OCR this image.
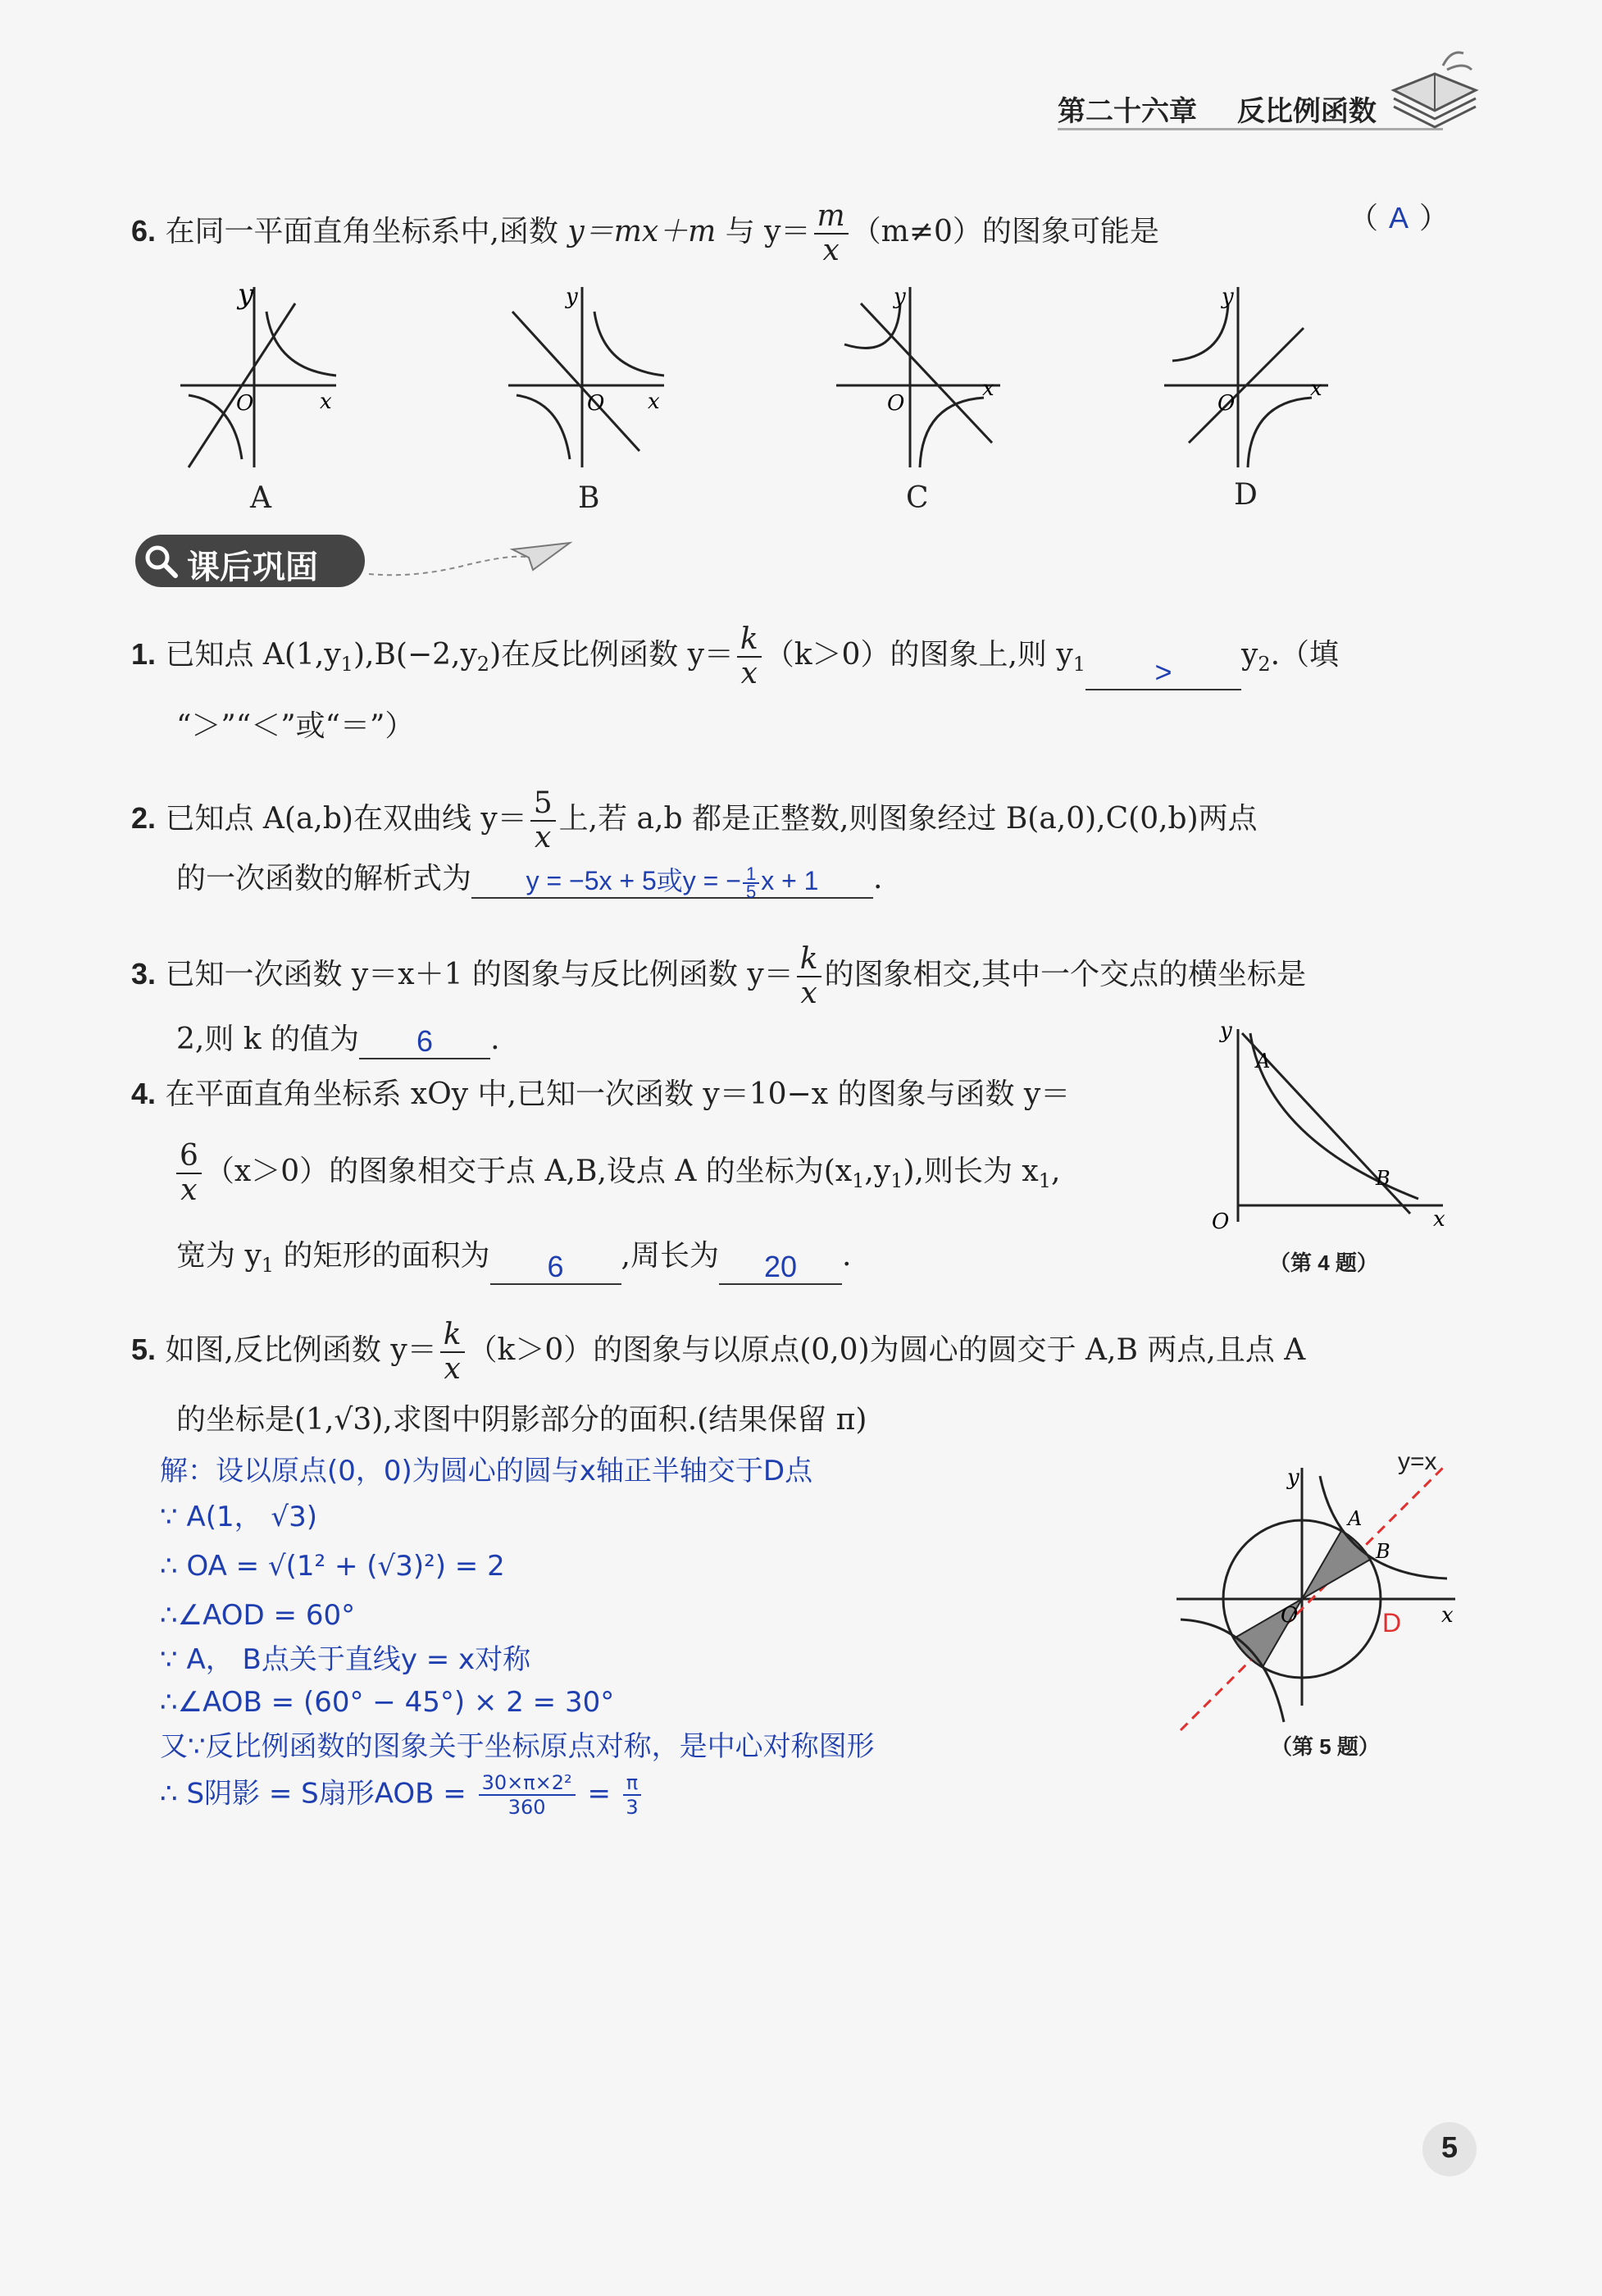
第二十六章 反比例函数
6. 在同一平面直角坐标系中,函数 y＝mx＋m 与 $y= \frac{m}{x} (m\ne 0)$的图象可能是	（ A ）
y
x
O
y
x
O
y
x
O
y
x
O
A	B	C	D
课后巩固
1. 已知点 $A(1,y_1),B(-2,y_2)$在反比例函数 $y= \frac{k}{x} (k>0)$的图象上,则 $y_1 >y_2$.（填
“＞”“＜”或“＝”）
2. 已知点 A(a,b)在双曲线 $y= \frac{5}{x}$ 上,若 a,b 都是正整数,则图象经过 B(a,0),C(0,b)两点
的一次函数的解析式为 y = −5x + 5或y = − $\frac{1}{5}$ x + 1 .
3. 已知一次函数 y＝x＋1 的图象与反比例函数 $y= \frac{k}{x}$ 的图象相交,其中一个交点的横坐标是
2,则 k 的值为 6 .
4. 在平面直角坐标系 xOy 中,已知一次函数 y＝10−x 的图象与函数 y＝
$\frac{6}{x} (x>0)$的图象相交于点 A,B,设点 A 的坐标为$(x_1,y_1)$,则长为 $x_1$,
宽为 $y_1$ 的矩形的面积为 6 ,周长为 20 .
y
x
O
A
B
（第 4 题）
5. 如图,反比例函数 $y= \frac{k}{x} (k>0)$的图象与以原点(0,0)为圆心的圆交于 A,B 两点,且点 A
的坐标是(1,√3),求图中阴影部分的面积.(结果保留 π)
解：设以原点(0，0)为圆心的圆与x轴正半轴交于D点
∵ A(1， √3)
∴ OA = √(1² + (√3)²) = 2
∴∠AOD = 60°
∵ A， B点关于直线y = x对称
∴∠AOB = (60° − 45°) × 2 = 30°
又∵反比例函数的图象关于坐标原点对称，是中心对称图形
∴ S阴影 = S扇形AOB = $\frac{\text{30×π×2²}}{360} = \frac{\pi}{3}$
y
x
O
A
B
D
y=x
（第 5 题）
5
